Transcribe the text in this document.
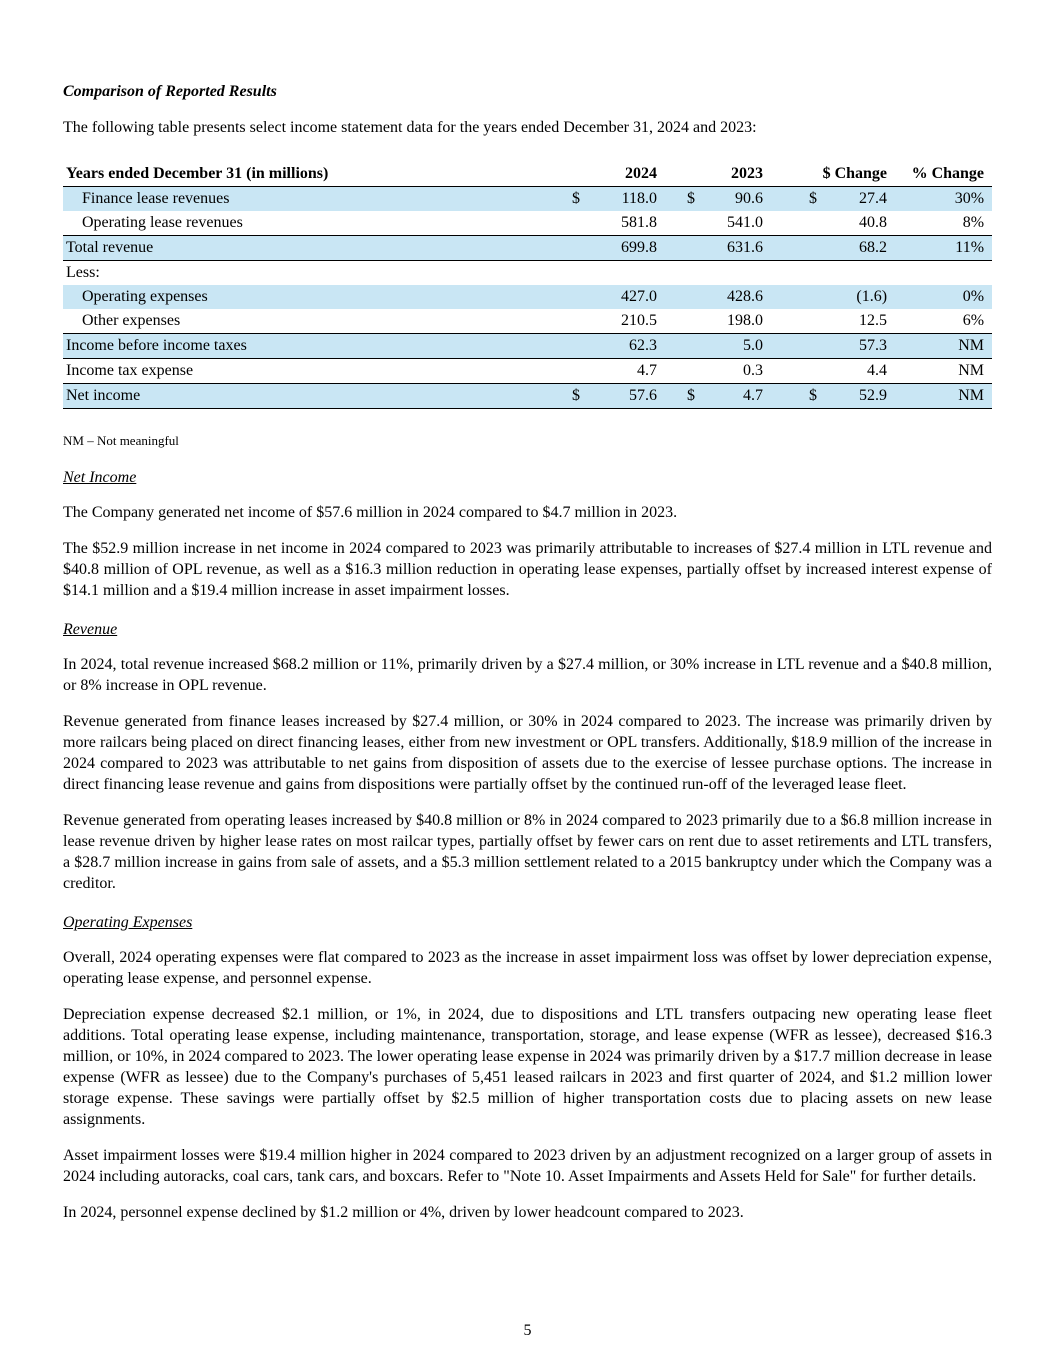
Comparison of Reported Results

The following table presents select income statement data for the years ended December 31, 2024 and 2023:

Years ended December 31 (in millions)	2024			2023			$ Change		% Change
Finance lease revenues	$	118.0		$	90.6		$	27.4	30%
Operating lease revenues		581.8			541.0			40.8	8%
Total revenue		699.8			631.6			68.2	11%
Less:									
Operating expenses		427.0			428.6			(1.6)	0%
Other expenses		210.5			198.0			12.5	6%
Income before income taxes		62.3			5.0			57.3	NM
Income tax expense		4.7			0.3			4.4	NM
Net income	$	57.6		$	4.7		$	52.9	NM

NM – Not meaningful

Net Income

The Company generated net income of $57.6 million in 2024 compared to $4.7 million in 2023.

The $52.9 million increase in net income in 2024 compared to 2023 was primarily attributable to increases of $27.4 million in LTL revenue and $40.8 million of OPL revenue, as well as a $16.3 million reduction in operating lease expenses, partially offset by increased interest expense of $14.1 million and a $19.4 million increase in asset impairment losses.

Revenue

In 2024, total revenue increased $68.2 million or 11%, primarily driven by a $27.4 million, or 30% increase in LTL revenue and a $40.8 million, or 8% increase in OPL revenue.

Revenue generated from finance leases increased by $27.4 million, or 30% in 2024 compared to 2023. The increase was primarily driven by more railcars being placed on direct financing leases, either from new investment or OPL transfers. Additionally, $18.9 million of the increase in 2024 compared to 2023 was attributable to net gains from disposition of assets due to the exercise of lessee purchase options. The increase in direct financing lease revenue and gains from dispositions were partially offset by the continued run-off of the leveraged lease fleet.

Revenue generated from operating leases increased by $40.8 million or 8% in 2024 compared to 2023 primarily due to a $6.8 million increase in lease revenue driven by higher lease rates on most railcar types, partially offset by fewer cars on rent due to asset retirements and LTL transfers, a $28.7 million increase in gains from sale of assets, and a $5.3 million settlement related to a 2015 bankruptcy under which the Company was a creditor.

Operating Expenses

Overall, 2024 operating expenses were flat compared to 2023 as the increase in asset impairment loss was offset by lower depreciation expense, operating lease expense, and personnel expense.

Depreciation expense decreased $2.1 million, or 1%, in 2024, due to dispositions and LTL transfers outpacing new operating lease fleet additions. Total operating lease expense, including maintenance, transportation, storage, and lease expense (WFR as lessee), decreased $16.3 million, or 10%, in 2024 compared to 2023. The lower operating lease expense in 2024 was primarily driven by a $17.7 million decrease in lease expense (WFR as lessee) due to the Company's purchases of 5,451 leased railcars in 2023 and first quarter of 2024, and $1.2 million lower storage expense. These savings were partially offset by $2.5 million of higher transportation costs due to placing assets on new lease assignments.

Asset impairment losses were $19.4 million higher in 2024 compared to 2023 driven by an adjustment recognized on a larger group of assets in 2024 including autoracks, coal cars, tank cars, and boxcars. Refer to "Note 10. Asset Impairments and Assets Held for Sale" for further details.

In 2024, personnel expense declined by $1.2 million or 4%, driven by lower headcount compared to 2023.

5
